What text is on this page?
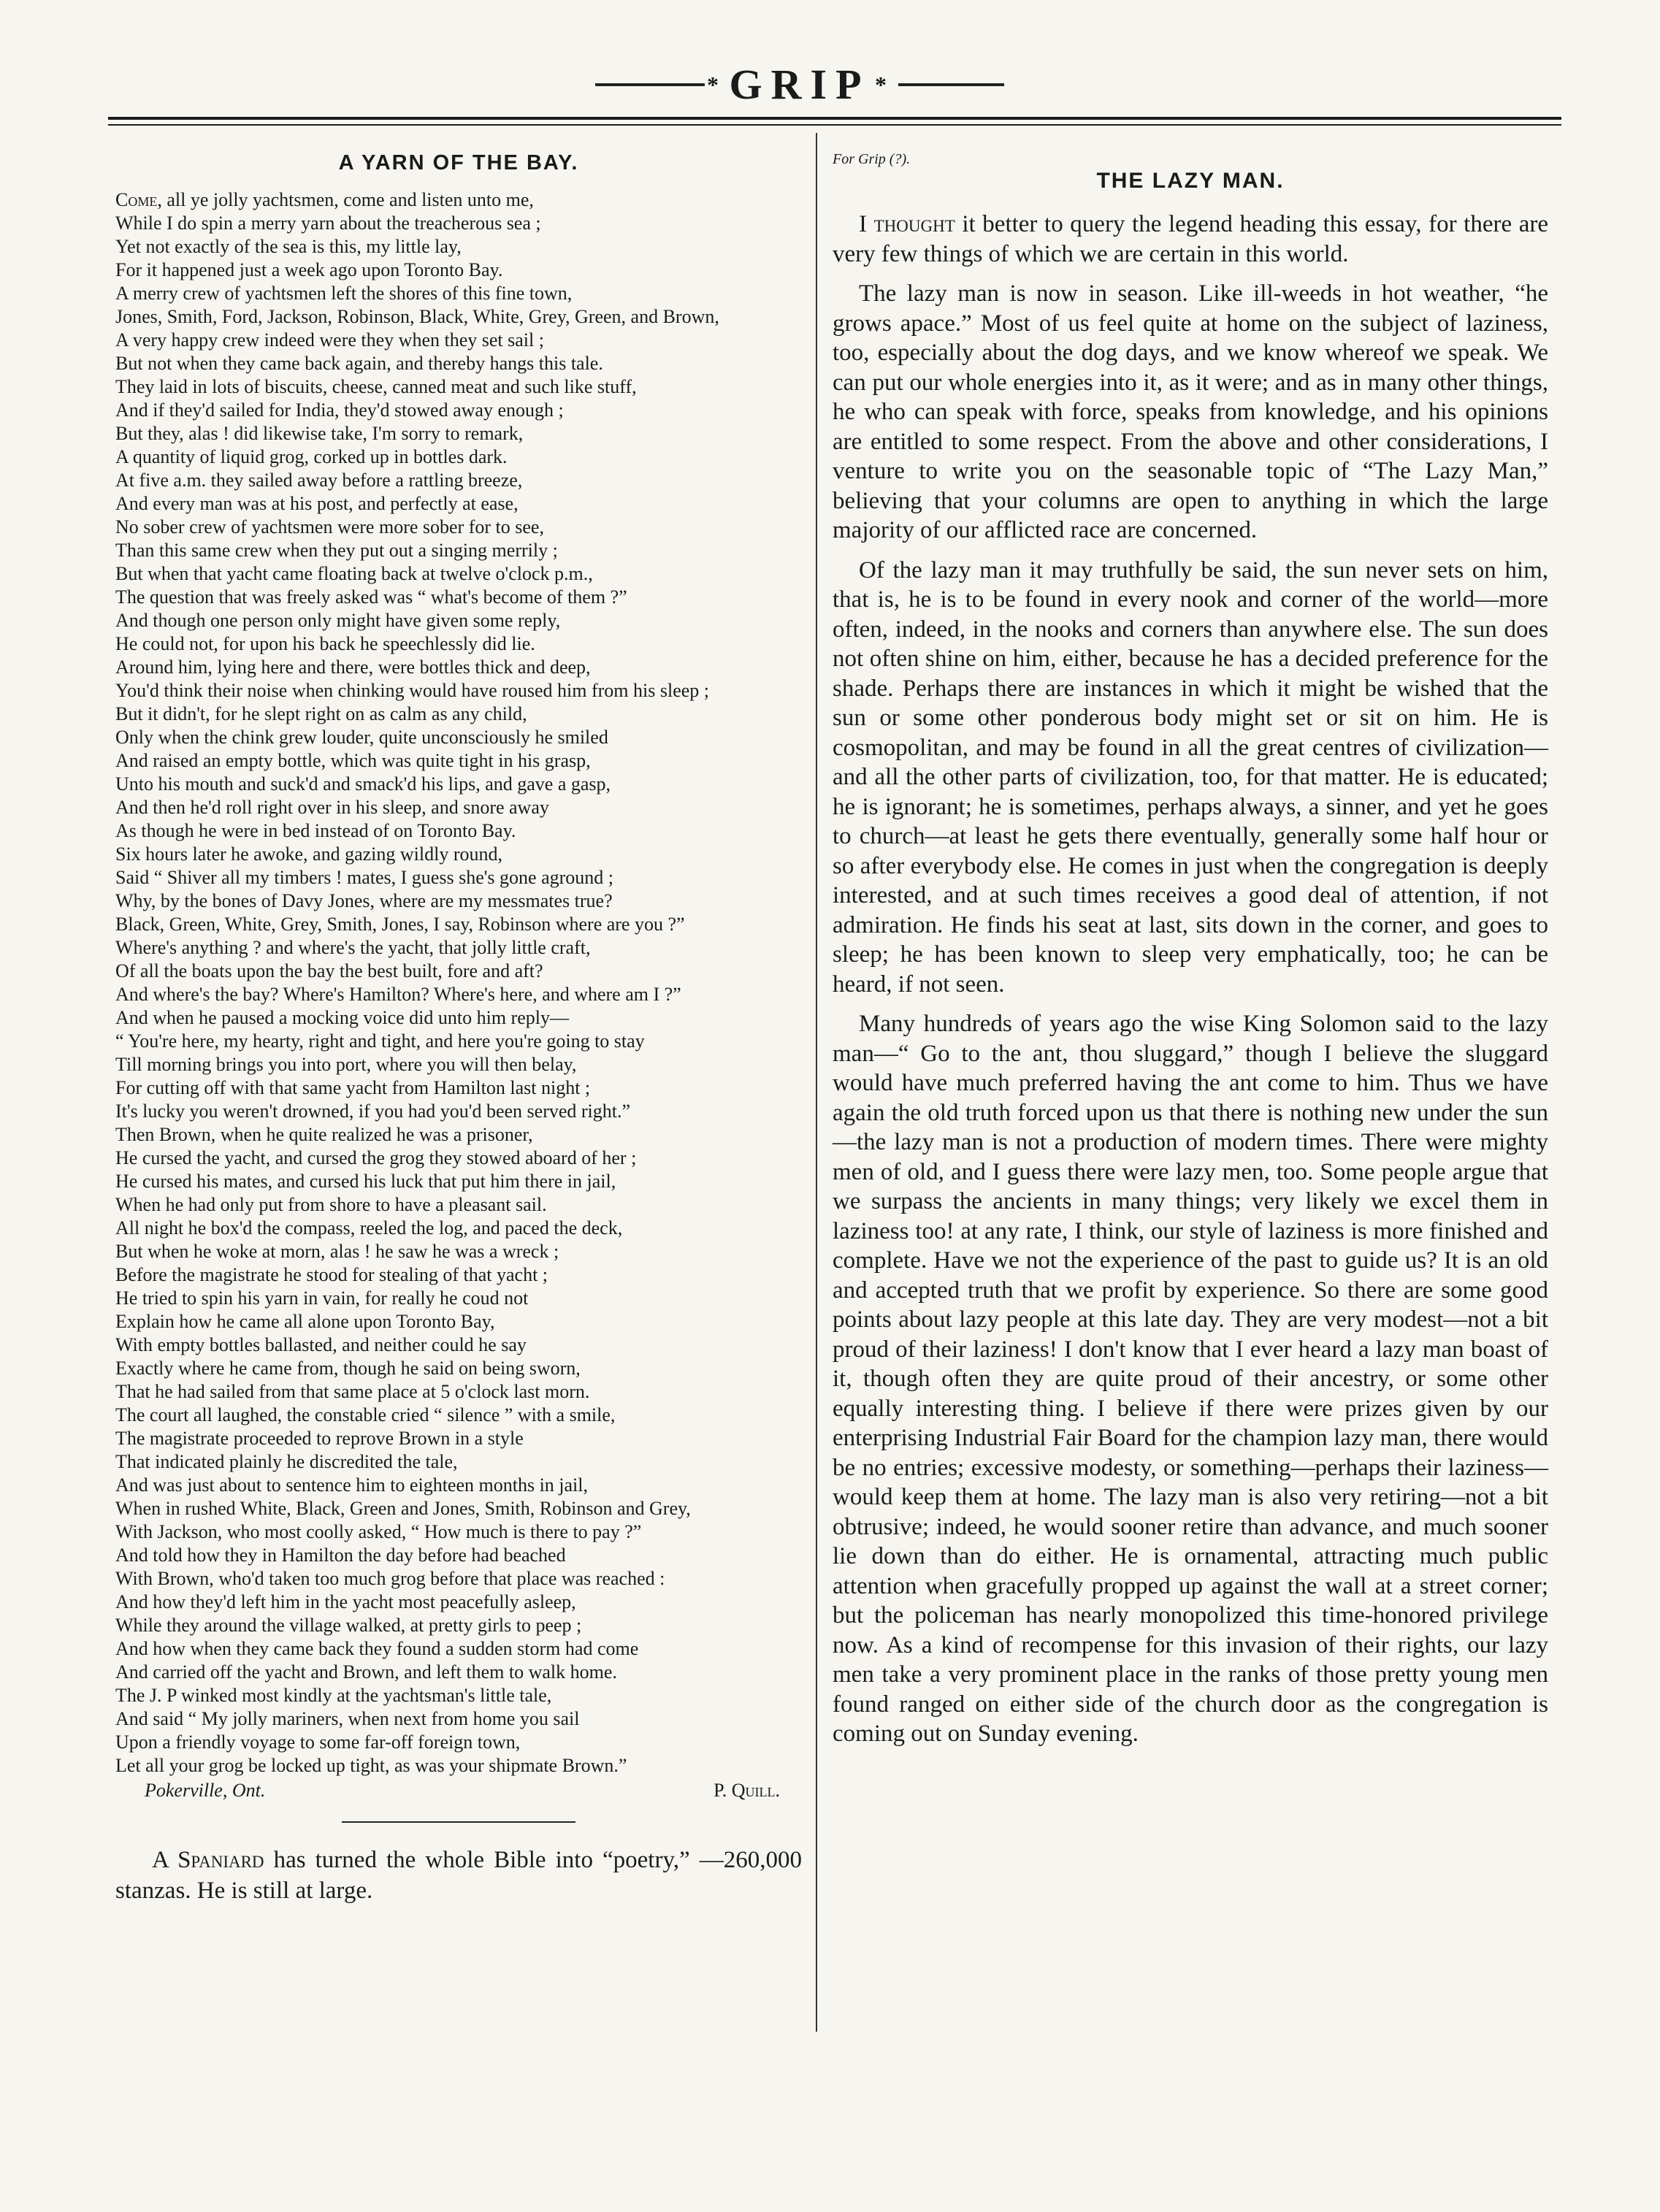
* GRIP *
A YARN OF THE BAY.
Come, all ye jolly yachtsmen, come and listen unto me,
While I do spin a merry yarn about the treacherous sea ;
Yet not exactly of the sea is this, my little lay,
For it happened just a week ago upon Toronto Bay.
A merry crew of yachtsmen left the shores of this fine town,
Jones, Smith, Ford, Jackson, Robinson, Black, White, Grey, Green, and Brown,
A very happy crew indeed were they when they set sail ;
But not when they came back again, and thereby hangs this tale.
They laid in lots of biscuits, cheese, canned meat and such like stuff,
And if they'd sailed for India, they'd stowed away enough ;
But they, alas ! did likewise take, I'm sorry to remark,
A quantity of liquid grog, corked up in bottles dark.
At five a.m. they sailed away before a rattling breeze,
And every man was at his post, and perfectly at ease,
No sober crew of yachtsmen were more sober for to see,
Than this same crew when they put out a singing merrily ;
But when that yacht came floating back at twelve o'clock p.m.,
The question that was freely asked was “ what's become of them ?”
And though one person only might have given some reply,
He could not, for upon his back he speechlessly did lie.
Around him, lying here and there, were bottles thick and deep,
You'd think their noise when chinking would have roused him from his sleep ;
But it didn't, for he slept right on as calm as any child,
Only when the chink grew louder, quite unconsciously he smiled
And raised an empty bottle, which was quite tight in his grasp,
Unto his mouth and suck'd and smack'd his lips, and gave a gasp,
And then he'd roll right over in his sleep, and snore away
As though he were in bed instead of on Toronto Bay.
Six hours later he awoke, and gazing wildly round,
Said “ Shiver all my timbers ! mates, I guess she's gone aground ;
Why, by the bones of Davy Jones, where are my messmates true?
Black, Green, White, Grey, Smith, Jones, I say, Robinson where are you ?”
Where's anything ? and where's the yacht, that jolly little craft,
Of all the boats upon the bay the best built, fore and aft?
And where's the bay? Where's Hamilton? Where's here, and where am I ?”
And when he paused a mocking voice did unto him reply—
“ You're here, my hearty, right and tight, and here you're going to stay
Till morning brings you into port, where you will then belay,
For cutting off with that same yacht from Hamilton last night ;
It's lucky you weren't drowned, if you had you'd been served right.”
Then Brown, when he quite realized he was a prisoner,
He cursed the yacht, and cursed the grog they stowed aboard of her ;
He cursed his mates, and cursed his luck that put him there in jail,
When he had only put from shore to have a pleasant sail.
All night he box'd the compass, reeled the log, and paced the deck,
But when he woke at morn, alas ! he saw he was a wreck ;
Before the magistrate he stood for stealing of that yacht ;
He tried to spin his yarn in vain, for really he coud not
Explain how he came all alone upon Toronto Bay,
With empty bottles ballasted, and neither could he say
Exactly where he came from, though he said on being sworn,
That he had sailed from that same place at 5 o'clock last morn.
The court all laughed, the constable cried “ silence ” with a smile,
The magistrate proceeded to reprove Brown in a style
That indicated plainly he discredited the tale,
And was just about to sentence him to eighteen months in jail,
When in rushed White, Black, Green and Jones, Smith, Robinson and Grey,
With Jackson, who most coolly asked, “ How much is there to pay ?”
And told how they in Hamilton the day before had beached
With Brown, who'd taken too much grog before that place was reached :
And how they'd left him in the yacht most peacefully asleep,
While they around the village walked, at pretty girls to peep ;
And how when they came back they found a sudden storm had come
And carried off the yacht and Brown, and left them to walk home.
The J. P winked most kindly at the yachtsman's little tale,
And said “ My jolly mariners, when next from home you sail
Upon a friendly voyage to some far-off foreign town,
Let all your grog be locked up tight, as was your shipmate Brown.”
Pokerville, Ont.	P. Quill.
A Spaniard has turned the whole Bible into “poetry,” —260,000 stanzas. He is still at large.
For Grip (?).
THE LAZY MAN.

I thought it better to query the legend heading this essay, for there are very few things of which we are certain in this world.

The lazy man is now in season. Like ill-weeds in hot weather, “he grows apace.” Most of us feel quite at home on the subject of laziness, too, especially about the dog days, and we know whereof we speak. We can put our whole energies into it, as it were; and as in many other things, he who can speak with force, speaks from knowledge, and his opinions are entitled to some respect. From the above and other considerations, I venture to write you on the seasonable topic of “The Lazy Man,” believing that your columns are open to anything in which the large majority of our afflicted race are concerned.

Of the lazy man it may truthfully be said, the sun never sets on him, that is, he is to be found in every nook and corner of the world—more often, indeed, in the nooks and corners than anywhere else. The sun does not often shine on him, either, because he has a decided preference for the shade. Perhaps there are instances in which it might be wished that the sun or some other ponderous body might set or sit on him. He is cosmopolitan, and may be found in all the great centres of civilization—and all the other parts of civilization, too, for that matter. He is educated; he is ignorant; he is sometimes, perhaps always, a sinner, and yet he goes to church—at least he gets there eventually, generally some half hour or so after everybody else. He comes in just when the congregation is deeply interested, and at such times receives a good deal of attention, if not admiration. He finds his seat at last, sits down in the corner, and goes to sleep; he has been known to sleep very emphatically, too; he can be heard, if not seen.

Many hundreds of years ago the wise King Solomon said to the lazy man—“ Go to the ant, thou sluggard,” though I believe the sluggard would have much preferred having the ant come to him. Thus we have again the old truth forced upon us that there is nothing new under the sun—the lazy man is not a production of modern times. There were mighty men of old, and I guess there were lazy men, too. Some people argue that we surpass the ancients in many things; very likely we excel them in laziness too! at any rate, I think, our style of laziness is more finished and complete. Have we not the experience of the past to guide us? It is an old and accepted truth that we profit by experience. So there are some good points about lazy people at this late day. They are very modest—not a bit proud of their laziness! I don't know that I ever heard a lazy man boast of it, though often they are quite proud of their ancestry, or some other equally interesting thing. I believe if there were prizes given by our enterprising Industrial Fair Board for the champion lazy man, there would be no entries; excessive modesty, or something—perhaps their laziness—would keep them at home. The lazy man is also very retiring—not a bit obtrusive; indeed, he would sooner retire than advance, and much sooner lie down than do either. He is ornamental, attracting much public attention when gracefully propped up against the wall at a street corner; but the policeman has nearly monopolized this time-honored privilege now. As a kind of recompense for this invasion of their rights, our lazy men take a very prominent place in the ranks of those pretty young men found ranged on either side of the church door as the congregation is coming out on Sunday evening.
